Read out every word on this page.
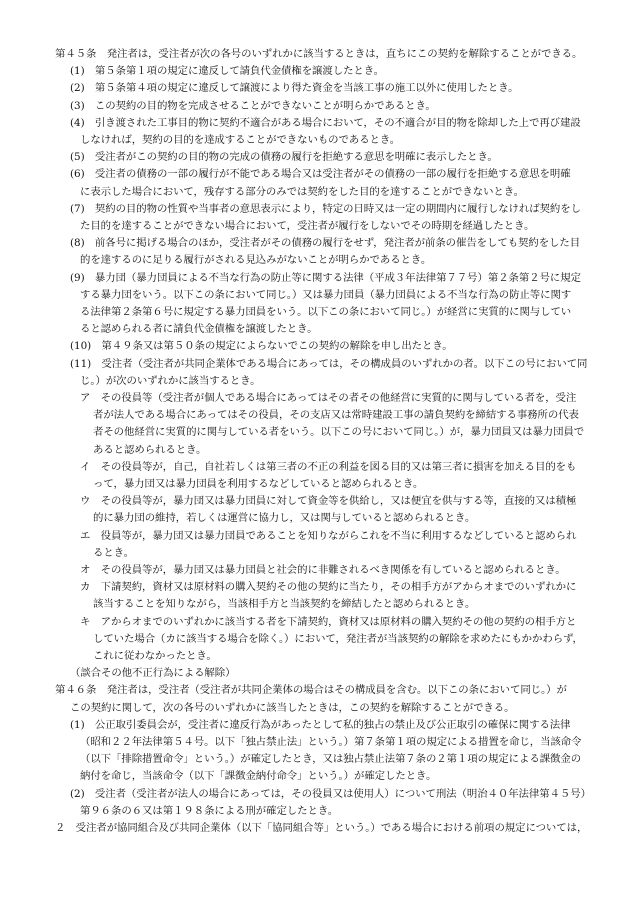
第４５条　発注者は，受注者が次の各号のいずれかに該当するときは，直ちにこの契約を解除することができる。
(1)　第５条第１項の規定に違反して請負代金債権を譲渡したとき。
(2)　第５条第４項の規定に違反して譲渡により得た資金を当該工事の施工以外に使用したとき。
(3)　この契約の目的物を完成させることができないことが明らかであるとき。
(4)　引き渡された工事目的物に契約不適合がある場合において，その不適合が目的物を除却した上で再び建設
しなければ，契約の目的を達成することができないものであるとき。
(5)　受注者がこの契約の目的物の完成の債務の履行を拒絶する意思を明確に表示したとき。
(6)　受注者の債務の一部の履行が不能である場合又は受注者がその債務の一部の履行を拒絶する意思を明確
に表示した場合において，残存する部分のみでは契約をした目的を達することができないとき。
(7)　契約の目的物の性質や当事者の意思表示により，特定の日時又は一定の期間内に履行しなければ契約をし
た目的を達することができない場合において，受注者が履行をしないでその時期を経過したとき。
(8)　前各号に掲げる場合のほか，受注者がその債務の履行をせず，発注者が前条の催告をしても契約をした目
的を達するのに足りる履行がされる見込みがないことが明らかであるとき。
(9)　暴力団（暴力団員による不当な行為の防止等に関する法律（平成３年法律第７７号）第２条第２号に規定
する暴力団をいう。以下この条において同じ。）又は暴力団員（暴力団員による不当な行為の防止等に関す
る法律第２条第６号に規定する暴力団員をいう。以下この条において同じ。）が経営に実質的に関与してい
ると認められる者に請負代金債権を譲渡したとき。
(10)　第４９条又は第５０条の規定によらないでこの契約の解除を申し出たとき。
(11)　受注者（受注者が共同企業体である場合にあっては，その構成員のいずれかの者。以下この号において同
じ。）が次のいずれかに該当するとき。
ア　その役員等（受注者が個人である場合にあってはその者その他経営に実質的に関与している者を，受注
者が法人である場合にあってはその役員，その支店又は常時建設工事の請負契約を締結する事務所の代表
者その他経営に実質的に関与している者をいう。以下この号において同じ。）が，暴力団員又は暴力団員で
あると認められるとき。
イ　その役員等が，自己，自社若しくは第三者の不正の利益を図る目的又は第三者に損害を加える目的をも
って，暴力団又は暴力団員を利用するなどしていると認められるとき。
ウ　その役員等が，暴力団又は暴力団員に対して資金等を供給し，又は便宜を供与する等，直接的又は積極
的に暴力団の維持，若しくは運営に協力し，又は関与していると認められるとき。
エ　役員等が，暴力団又は暴力団員であることを知りながらこれを不当に利用するなどしていると認められ
るとき。
オ　その役員等が，暴力団又は暴力団員と社会的に非難されるべき関係を有していると認められるとき。
カ　下請契約，資材又は原材料の購入契約その他の契約に当たり，その相手方がアからオまでのいずれかに
該当することを知りながら，当該相手方と当該契約を締結したと認められるとき。
キ　アからオまでのいずれかに該当する者を下請契約，資材又は原材料の購入契約その他の契約の相手方と
していた場合（カに該当する場合を除く。）において，発注者が当該契約の解除を求めたにもかかわらず，
これに従わなかったとき。
（談合その他不正行為による解除）
第４６条　発注者は，受注者（受注者が共同企業体の場合はその構成員を含む。以下この条において同じ。）が
この契約に関して，次の各号のいずれかに該当したときは，この契約を解除することができる。
(1)　公正取引委員会が，受注者に違反行為があったとして私的独占の禁止及び公正取引の確保に関する法律
（昭和２２年法律第５４号。以下「独占禁止法」という。）第７条第１項の規定による措置を命じ，当該命令
（以下「排除措置命令」という。）が確定したとき，又は独占禁止法第７条の２第１項の規定による課徴金の
納付を命じ，当該命令（以下「課徴金納付命令」という。）が確定したとき。
(2)　受注者（受注者が法人の場合にあっては，その役員又は使用人）について刑法（明治４０年法律第４５号）
第９６条の６又は第１９８条による刑が確定したとき。
２　受注者が協同組合及び共同企業体（以下「協同組合等」という。）である場合における前項の規定については，
